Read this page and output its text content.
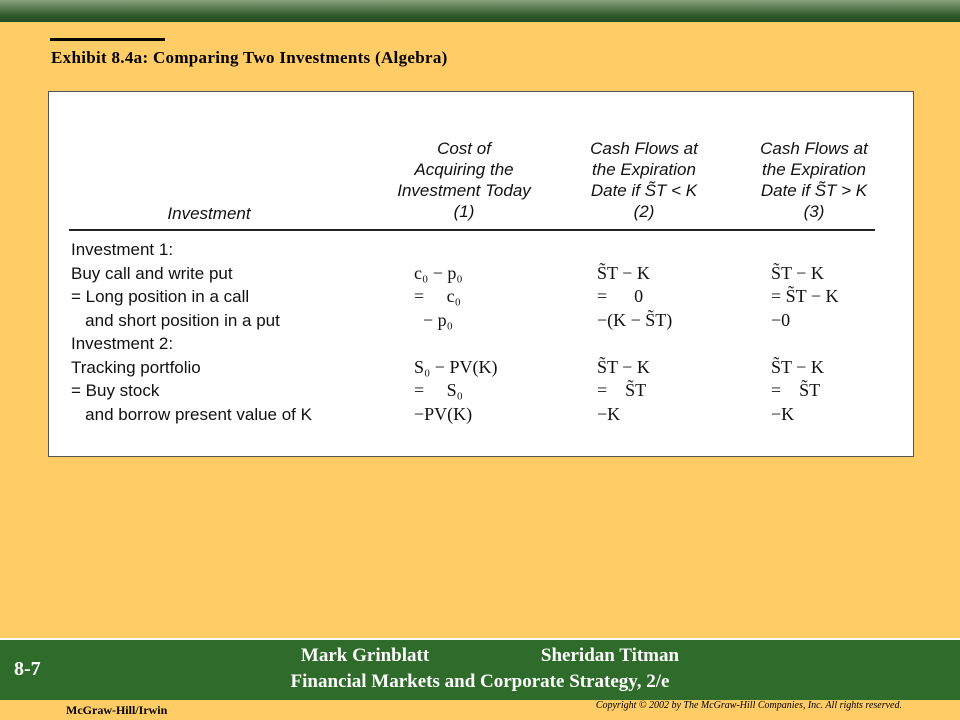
Exhibit 8.4a: Comparing Two Investments (Algebra)
Investment
Cost of
Acquiring the
Investment Today
(1)
Cash Flows at
the Expiration
Date if S̃T < K
(2)
Cash Flows at
the Expiration
Date if S̃T > K
(3)
Investment 1:
Buy call and write put	c₀ − p₀	S̃T − K	S̃T − K
= Long position in a call	=     c₀	=      0	= S̃T − K
and short position in a put	− p₀	−(K − S̃T)	−0
Investment 2:
Tracking portfolio	S₀ − PV(K)	S̃T − K	S̃T − K
= Buy stock	=     S₀	=    S̃T	=    S̃T
and borrow present value of K	−PV(K)	−K	−K
8-7
Mark Grinblatt	Sheridan Titman
Financial Markets and Corporate Strategy, 2/e
McGraw-Hill/Irwin	Copyright © 2002 by The McGraw-Hill Companies, Inc. All rights reserved.
